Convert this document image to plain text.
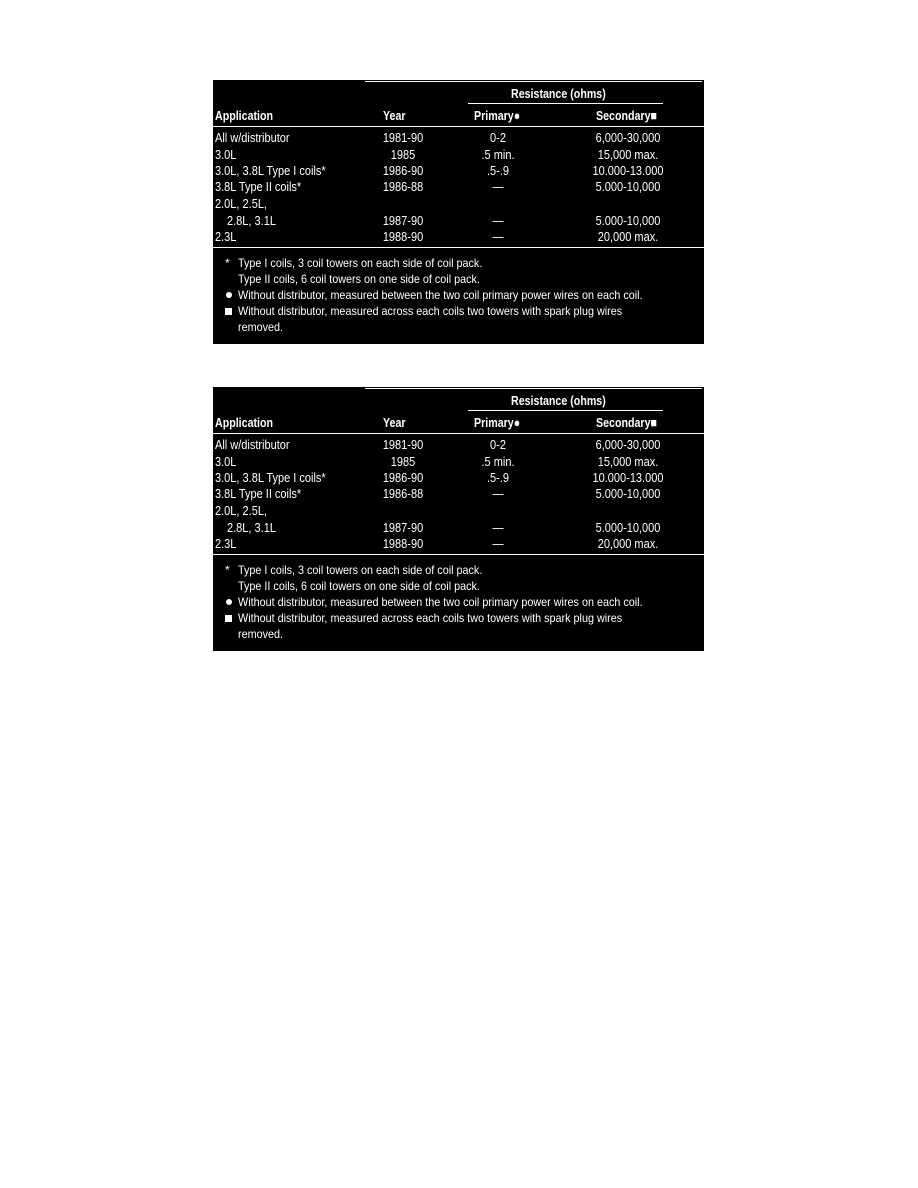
Resistance (ohms)
Application	Year	Primary●	Secondary■
All w/distributor	1981-90	0-2	6,000-30,000
3.0L	1985	.5 min.	15,000 max.
3.0L, 3.8L Type I coils*	1986-90	.5-.9	10.000-13.000
3.8L Type II coils*	1986-88	—	5.000-10,000
2.0L, 2.5L,
2.8L, 3.1L	1987-90	—	5.000-10,000
2.3L	1988-90	—	20,000 max.
* Type I coils, 3 coil towers on each side of coil pack.
Type II coils, 6 coil towers on one side of coil pack.
Without distributor, measured between the two coil primary power wires on each coil.
Without distributor, measured across each coils two towers with spark plug wires
removed.
Resistance (ohms)
Application	Year	Primary●	Secondary■
All w/distributor	1981-90	0-2	6,000-30,000
3.0L	1985	.5 min.	15,000 max.
3.0L, 3.8L Type I coils*	1986-90	.5-.9	10.000-13.000
3.8L Type II coils*	1986-88	—	5.000-10,000
2.0L, 2.5L,
2.8L, 3.1L	1987-90	—	5.000-10,000
2.3L	1988-90	—	20,000 max.
* Type I coils, 3 coil towers on each side of coil pack.
Type II coils, 6 coil towers on one side of coil pack.
Without distributor, measured between the two coil primary power wires on each coil.
Without distributor, measured across each coils two towers with spark plug wires
removed.
